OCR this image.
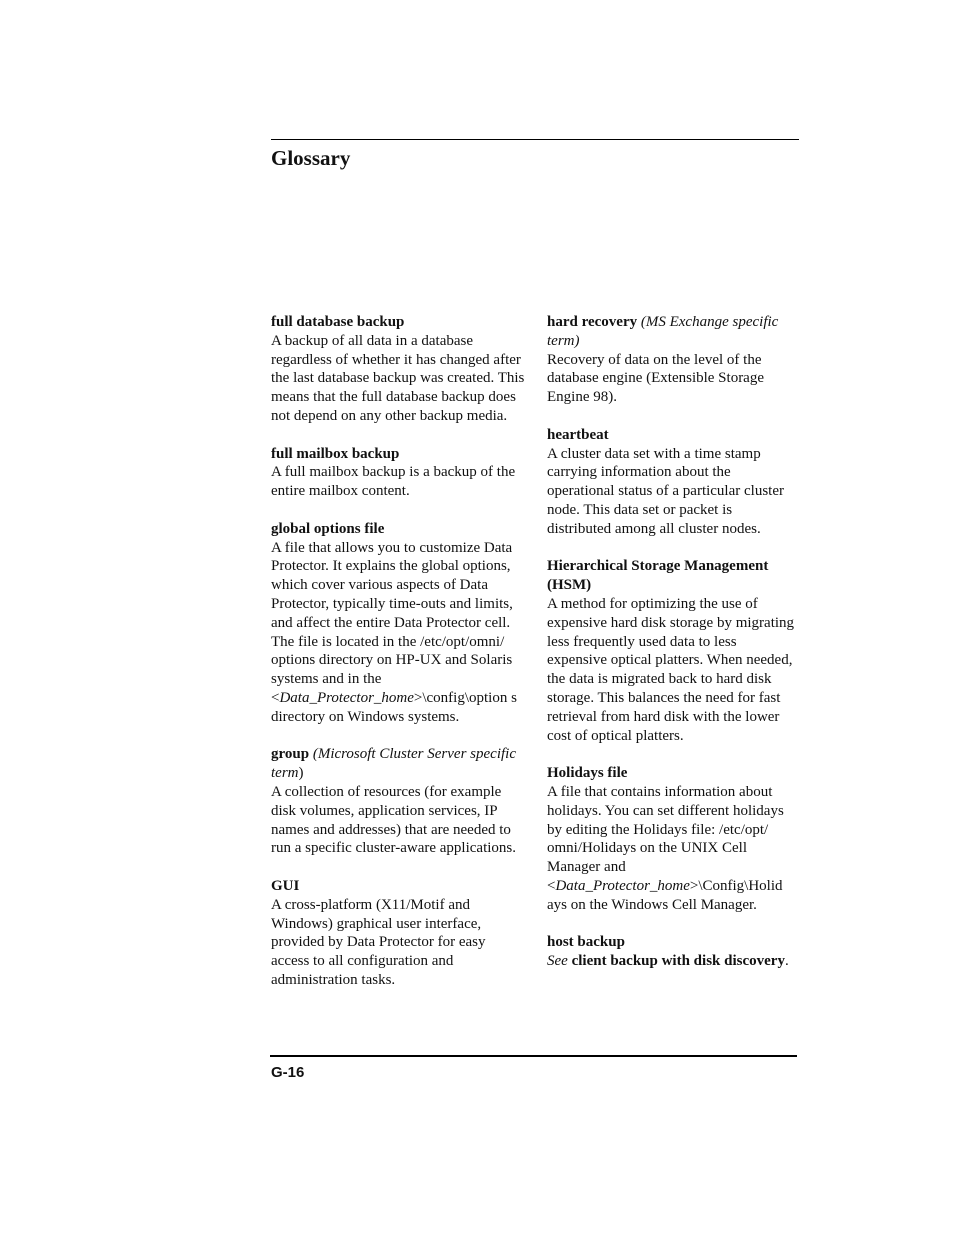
Glossary
full database backup

A backup of all data in a database regardless of whether it has changed after the last database backup was created. This means that the full database backup does not depend on any other backup media.

full mailbox backup

A full mailbox backup is a backup of the entire mailbox content.

global options file

A file that allows you to customize Data Protector. It explains the global options, which cover various aspects of Data Protector, typically time-outs and limits, and affect the entire Data Protector cell. The file is located in the /etc/opt/omni/ options directory on HP-UX and Solaris systems and in the <Data_Protector_home>\config\option s directory on Windows systems.

group (Microsoft Cluster Server specific term)

A collection of resources (for example disk volumes, application services, IP names and addresses) that are needed to run a specific cluster-aware applications.

GUI

A cross-platform (X11/Motif and Windows) graphical user interface, provided by Data Protector for easy access to all configuration and administration tasks.

hard recovery (MS Exchange specific term)

Recovery of data on the level of the database engine (Extensible Storage Engine 98).

heartbeat

A cluster data set with a time stamp carrying information about the operational status of a particular cluster node. This data set or packet is distributed among all cluster nodes.

Hierarchical Storage Management (HSM)

A method for optimizing the use of expensive hard disk storage by migrating less frequently used data to less expensive optical platters. When needed, the data is migrated back to hard disk storage. This balances the need for fast retrieval from hard disk with the lower cost of optical platters.

Holidays file

A file that contains information about holidays. You can set different holidays by editing the Holidays file: /etc/opt/ omni/Holidays on the UNIX Cell Manager and <Data_Protector_home>\Config\Holid ays on the Windows Cell Manager.

host backup

See client backup with disk discovery.

G-16
